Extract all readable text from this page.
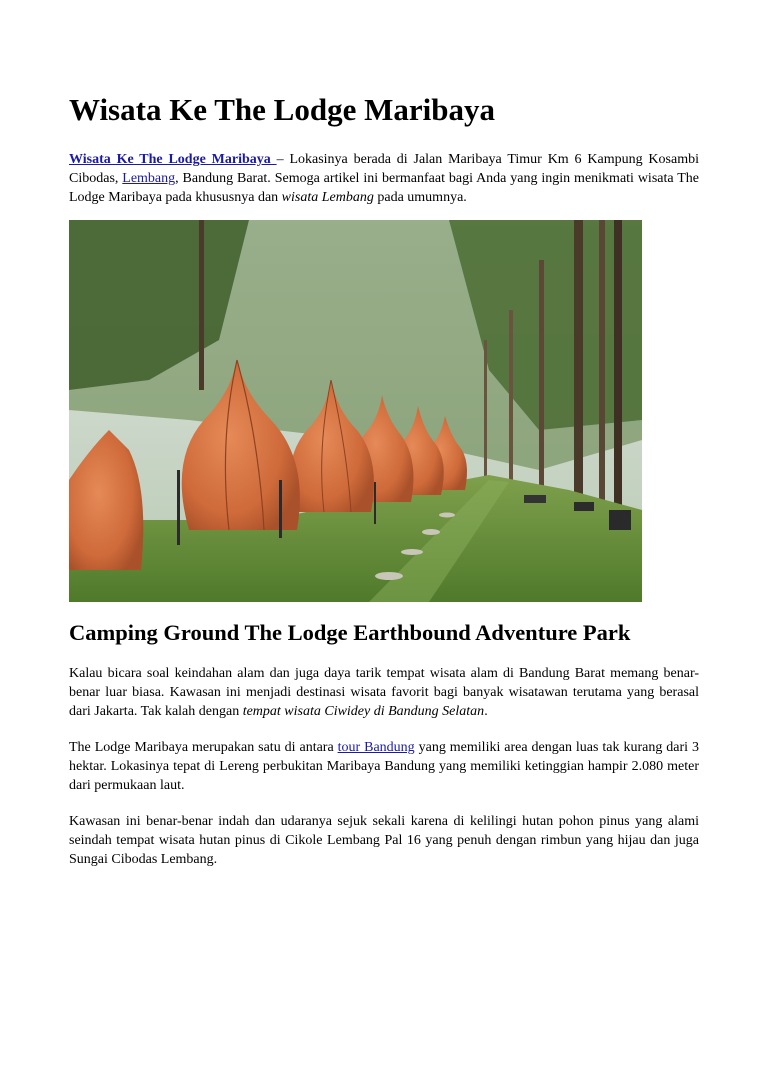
Wisata Ke The Lodge Maribaya

Wisata Ke The Lodge Maribaya – Lokasinya berada di Jalan Maribaya Timur Km 6 Kampung Kosambi Cibodas, Lembang, Bandung Barat. Semoga artikel ini bermanfaat bagi Anda yang ingin menikmati wisata The Lodge Maribaya pada khususnya dan wisata Lembang pada umumnya.

Camping Ground The Lodge Earthbound Adventure Park

Kalau bicara soal keindahan alam dan juga daya tarik tempat wisata alam di Bandung Barat memang benar-benar luar biasa. Kawasan ini menjadi destinasi wisata favorit bagi banyak wisatawan terutama yang berasal dari Jakarta. Tak kalah dengan tempat wisata Ciwidey di Bandung Selatan.

The Lodge Maribaya merupakan satu di antara tour Bandung yang memiliki area dengan luas tak kurang dari 3 hektar. Lokasinya tepat di Lereng perbukitan Maribaya Bandung yang memiliki ketinggian hampir 2.080 meter dari permukaan laut.

Kawasan ini benar-benar indah dan udaranya sejuk sekali karena di kelilingi hutan pohon pinus yang alami seindah tempat wisata hutan pinus di Cikole Lembang Pal 16 yang penuh dengan rimbun yang hijau dan juga Sungai Cibodas Lembang.
